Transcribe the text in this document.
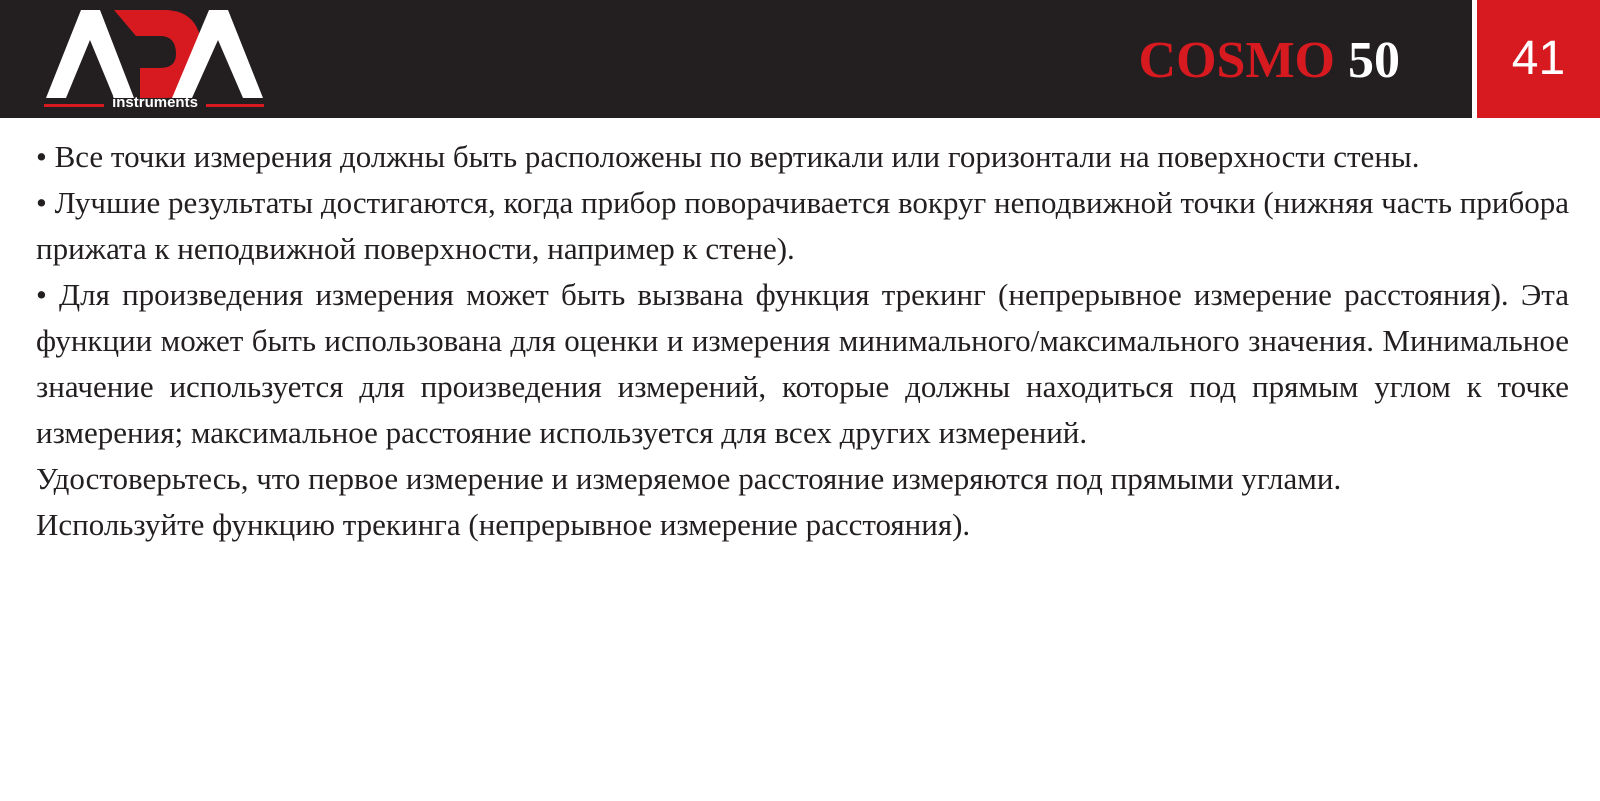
instruments
COSMO 50	41

• Все точки измерения должны быть расположены по вертикали или горизонтали на поверхности стены.

• Лучшие результаты достигаются, когда прибор поворачивается вокруг неподвижной точки (нижняя часть прибора прижата к неподвижной поверхности, например к стене).

• Для произведения измерения может быть вызвана функция трекинг (непрерывное измерение расстояния). Эта функции может быть использована для оценки и измерения минимального/максимального значения. Минимальное значение используется для произведения измерений, которые должны находиться под прямым углом к точке измерения; максимальное расстояние используется для всех других измерений.

Удостоверьтесь, что первое измерение и измеряемое расстояние измеряются под прямыми углами.

Используйте функцию трекинга (непрерывное измерение расстояния).
